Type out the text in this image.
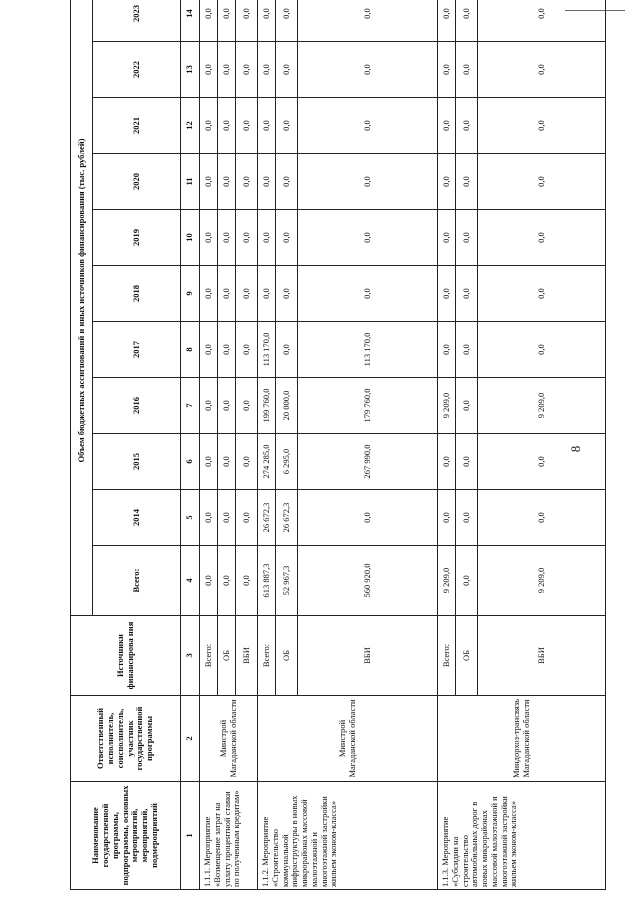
8
Наименование государственной программы, подпрограммы, основных мероприятий, мероприятий, подмероприятий	Ответственный исполнитель, соисполнитель, участник государственной программы	Источники финансирова ния	Объем бюджетных ассигнований и иных источников финансирования (тыс. рублей)										
			Всего:	2014	2015	2016	2017	2018	2019	2020	2021	2022	2023
1	2	3	4	5	6	7	8	9	10	11	12	13	14
1.1.1. Мероприятие «Возмещение затрат на уплату процентной ставки по полученным кредитам»	Минстрой Магаданской области	Всего:	0,0	0,0	0,0	0,0	0,0	0,0	0,0	0,0	0,0	0,0	0,0
		ОБ	0,0	0,0	0,0	0,0	0,0	0,0	0,0	0,0	0,0	0,0	0,0
		ВБИ	0,0	0,0	0,0	0,0	0,0	0,0	0,0	0,0	0,0	0,0	0,0
1.1.2. Мероприятие «Строительство коммунальной инфраструктуры в новых микрорайонах массовой малоэтажной и многоэтажной застройки жильем эконом-класса»	Минстрой Магаданской области	Всего:	613 887,3	26 672,3	274 285,0	199 760,0	113 170,0	0,0	0,0	0,0	0,0	0,0	0,0
		ОБ	52 967,3	26 672,3	6 295,0	20 000,0	0,0	0,0	0,0	0,0	0,0	0,0	0,0
		ВБИ	560 920,0	0,0	267 990,0	179 760,0	113 170,0	0,0	0,0	0,0	0,0	0,0	0,0
1.1.3. Мероприятие «Субсидии на строительство автомобильных дорог в новых микрорайонах массовой малоэтажной и многоэтажной застройки жильем эконом-класса»	Миндорхоз-трансвязь Магаданской области	Всего:	9 209,0	0,0	0,0	9 209,0	0,0	0,0	0,0	0,0	0,0	0,0	0,0
		ОБ	0,0	0,0	0,0	0,0	0,0	0,0	0,0	0,0	0,0	0,0	0,0
		ВБИ	9 209,0	0,0	0,0	9 209,0	0,0	0,0	0,0	0,0	0,0	0,0	0,0
